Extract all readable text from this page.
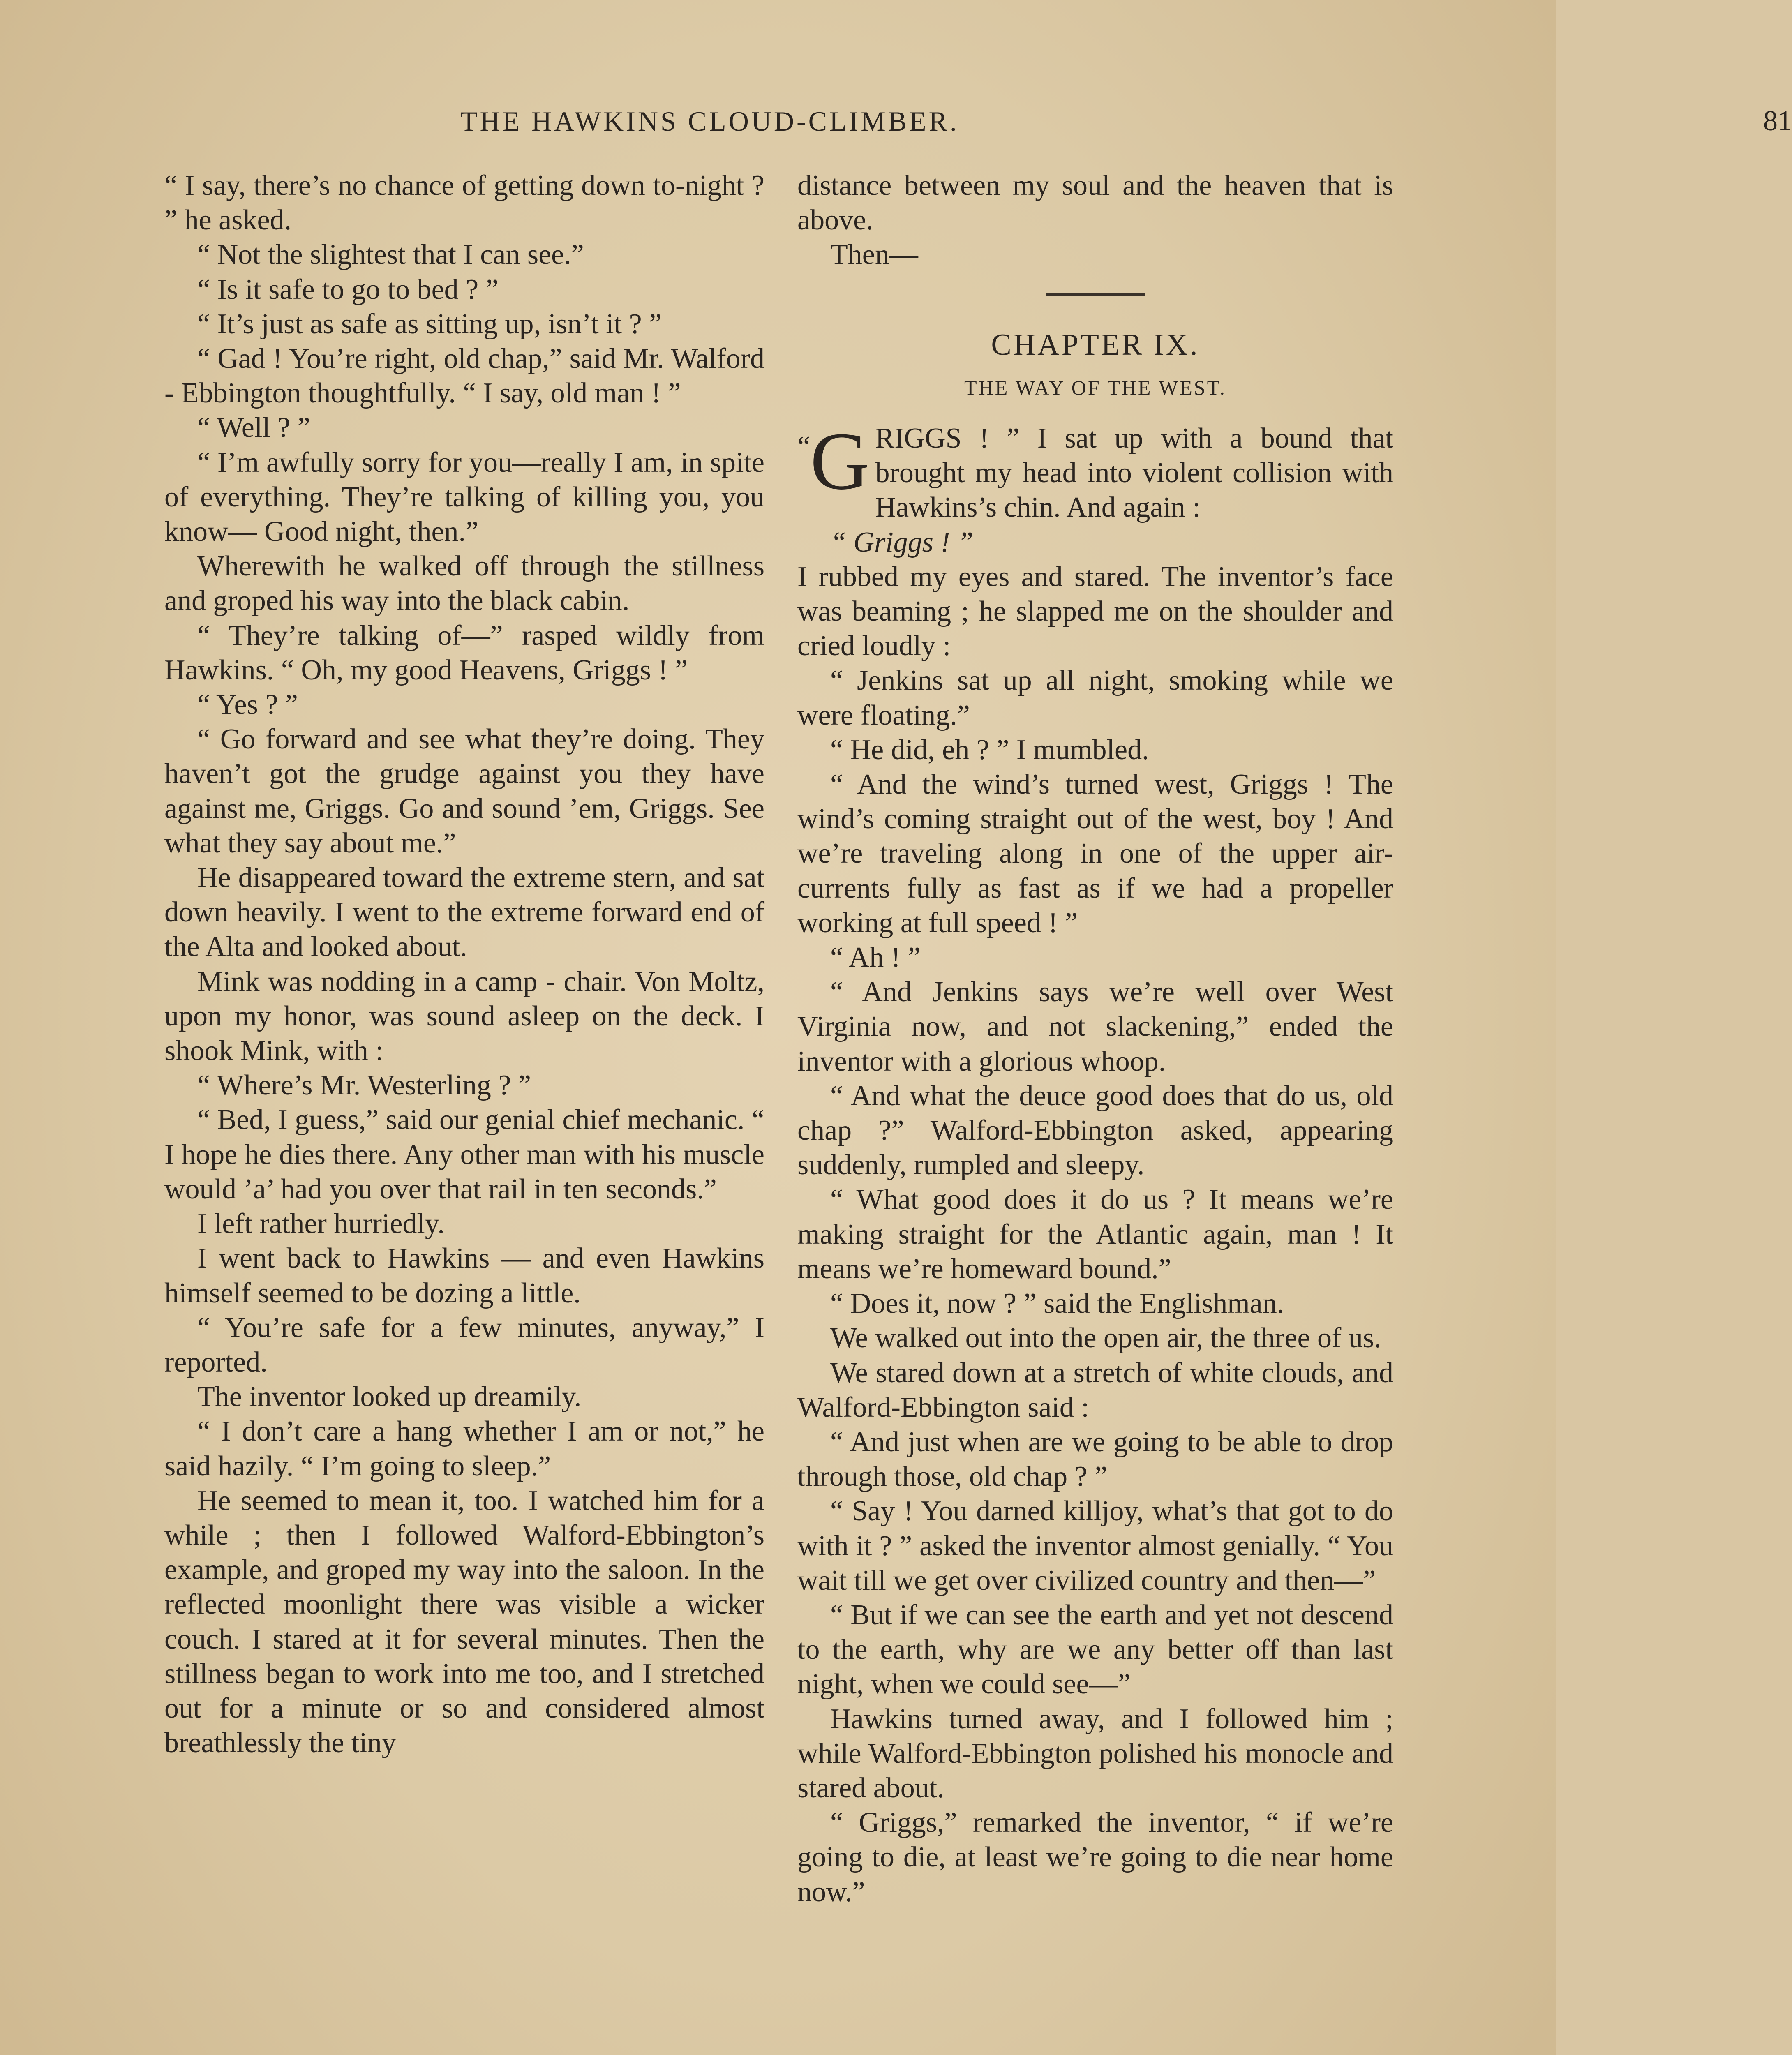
THE HAWKINS CLOUD-CLIMBER.	81

“ I say, there’s no chance of getting down to-night ? ” he asked.

“ Not the slightest that I can see.”

“ Is it safe to go to bed ? ”

“ It’s just as safe as sitting up, isn’t it ? ”

“ Gad ! You’re right, old chap,” said Mr. Walford - Ebbington thoughtfully. “ I say, old man ! ”

“ Well ? ”

“ I’m awfully sorry for you—really I am, in spite of everything. They’re talking of killing you, you know— Good night, then.”

Wherewith he walked off through the stillness and groped his way into the black cabin.

“ They’re talking of—” rasped wildly from Hawkins. “ Oh, my good Heavens, Griggs ! ”

“ Yes ? ”

“ Go forward and see what they’re doing. They haven’t got the grudge against you they have against me, Griggs. Go and sound ’em, Griggs. See what they say about me.”

He disappeared toward the extreme stern, and sat down heavily. I went to the extreme forward end of the Alta and looked about.

Mink was nodding in a camp - chair. Von Moltz, upon my honor, was sound asleep on the deck. I shook Mink, with :

“ Where’s Mr. Westerling ? ”

“ Bed, I guess,” said our genial chief mechanic. “ I hope he dies there. Any other man with his muscle would ’a’ had you over that rail in ten seconds.”

I left rather hurriedly.

I went back to Hawkins — and even Hawkins himself seemed to be dozing a little.

“ You’re safe for a few minutes, anyway,” I reported.

The inventor looked up dreamily.

“ I don’t care a hang whether I am or not,” he said hazily. “ I’m going to sleep.”

He seemed to mean it, too. I watched him for a while ; then I followed Walford-Ebbington’s example, and groped my way into the saloon. In the reflected moonlight there was visible a wicker couch. I stared at it for several minutes. Then the stillness began to work into me too, and I stretched out for a minute or so and considered almost breathlessly the tiny

distance between my soul and the heaven that is above.

Then—

CHAPTER IX.

THE WAY OF THE WEST.

“ G RIGGS ! ” I sat up with a bound that brought my head into violent collision with Hawkins’s chin. And again :

“ Griggs ! ”

I rubbed my eyes and stared. The inventor’s face was beaming ; he slapped me on the shoulder and cried loudly :

“ Jenkins sat up all night, smoking while we were floating.”

“ He did, eh ? ” I mumbled.

“ And the wind’s turned west, Griggs ! The wind’s coming straight out of the west, boy ! And we’re traveling along in one of the upper air-currents fully as fast as if we had a propeller working at full speed ! ”

“ Ah ! ”

“ And Jenkins says we’re well over West Virginia now, and not slackening,” ended the inventor with a glorious whoop.

“ And what the deuce good does that do us, old chap ?” Walford-Ebbington asked, appearing suddenly, rumpled and sleepy.

“ What good does it do us ? It means we’re making straight for the Atlantic again, man ! It means we’re homeward bound.”

“ Does it, now ? ” said the Englishman.

We walked out into the open air, the three of us.

We stared down at a stretch of white clouds, and Walford-Ebbington said :

“ And just when are we going to be able to drop through those, old chap ? ”

“ Say ! You darned killjoy, what’s that got to do with it ? ” asked the inventor almost genially. “ You wait till we get over civilized country and then—”

“ But if we can see the earth and yet not descend to the earth, why are we any better off than last night, when we could see—”

Hawkins turned away, and I followed him ; while Walford-Ebbington polished his monocle and stared about.

“ Griggs,” remarked the inventor, “ if we’re going to die, at least we’re going to die near home now.”
